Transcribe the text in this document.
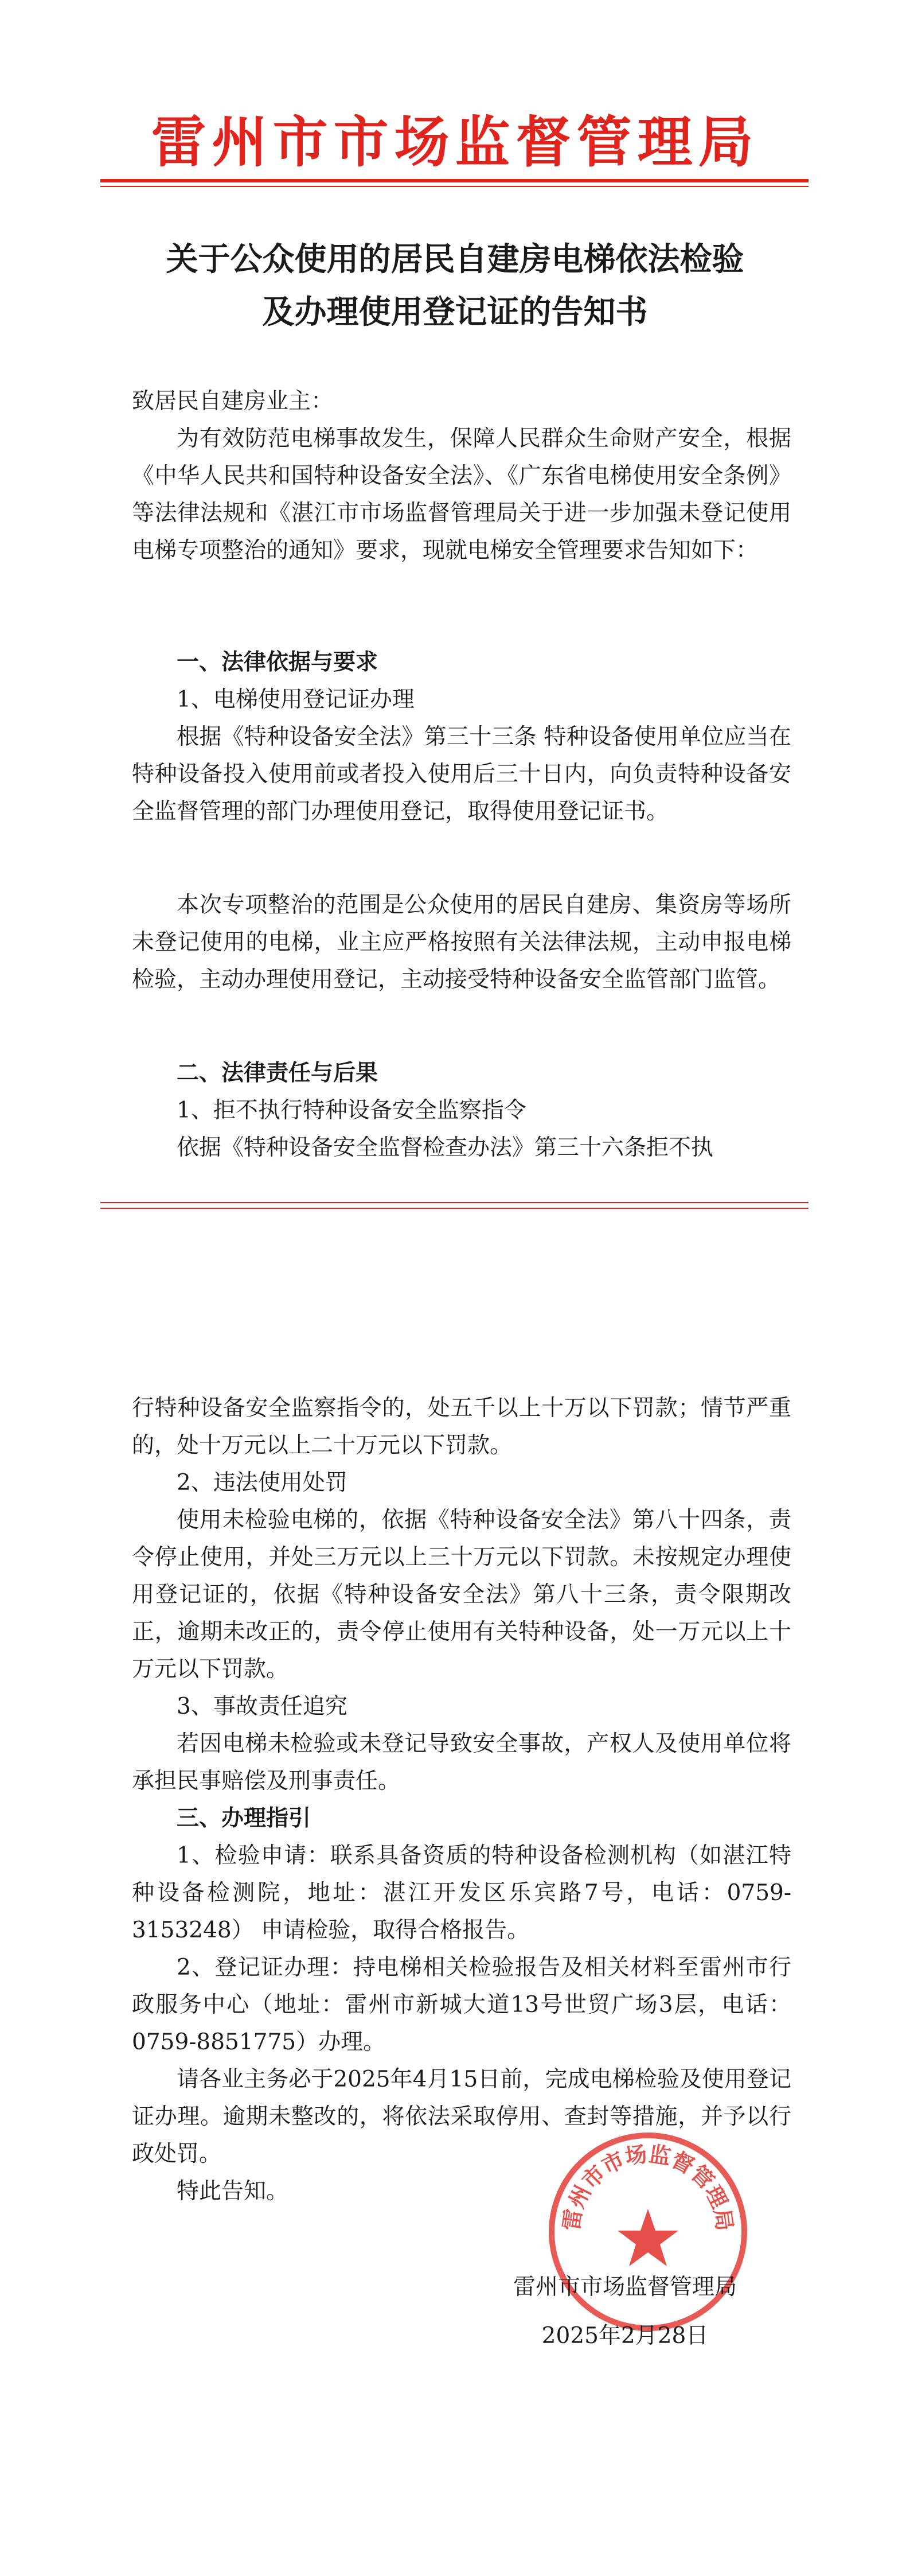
雷州市市场监督管理局
关于公众使用的居民自建房电梯依法检验
及办理使用登记证的告知书
致居民自建房业主：
为有效防范电梯事故发生，保障人民群众生命财产安全，根据《中华人民共和国特种设备安全法》、《广东省电梯使用安全条例》等法律法规和《湛江市市场监督管理局关于进一步加强未登记使用电梯专项整治的通知》要求，现就电梯安全管理要求告知如下：
一、法律依据与要求
1、电梯使用登记证办理
根据《特种设备安全法》第三十三条 特种设备使用单位应当在特种设备投入使用前或者投入使用后三十日内，向负责特种设备安全监督管理的部门办理使用登记，取得使用登记证书。
本次专项整治的范围是公众使用的居民自建房、集资房等场所未登记使用的电梯，业主应严格按照有关法律法规，主动申报电梯检验，主动办理使用登记，主动接受特种设备安全监管部门监管。
二、法律责任与后果
1、拒不执行特种设备安全监察指令
依据《特种设备安全监督检查办法》第三十六条拒不执
行特种设备安全监察指令的，处五千以上十万以下罚款；情节严重的，处十万元以上二十万元以下罚款。
2、违法使用处罚
使用未检验电梯的，依据《特种设备安全法》第八十四条，责令停止使用，并处三万元以上三十万元以下罚款。未按规定办理使用登记证的，依据《特种设备安全法》第八十三条，责令限期改正，逾期未改正的，责令停止使用有关特种设备，处一万元以上十万元以下罚款。
3、事故责任追究
若因电梯未检验或未登记导致安全事故，产权人及使用单位将承担民事赔偿及刑事责任。
三、办理指引
1、检验申请：联系具备资质的特种设备检测机构（如湛江特种设备检测院，地址：湛江开发区乐宾路7号，电话：0759-3153248） 申请检验，取得合格报告。
2、登记证办理：持电梯相关检验报告及相关材料至雷州市行政服务中心（地址：雷州市新城大道13号世贸广场3层，电话：0759-8851775）办理。
请各业主务必于2025年4月15日前，完成电梯检验及使用登记证办理。逾期未整改的，将依法采取停用、查封等措施，并予以行政处罚。
特此告知。
雷州市市场监督管理局
雷州市市场监督管理局
2025年2月28日
